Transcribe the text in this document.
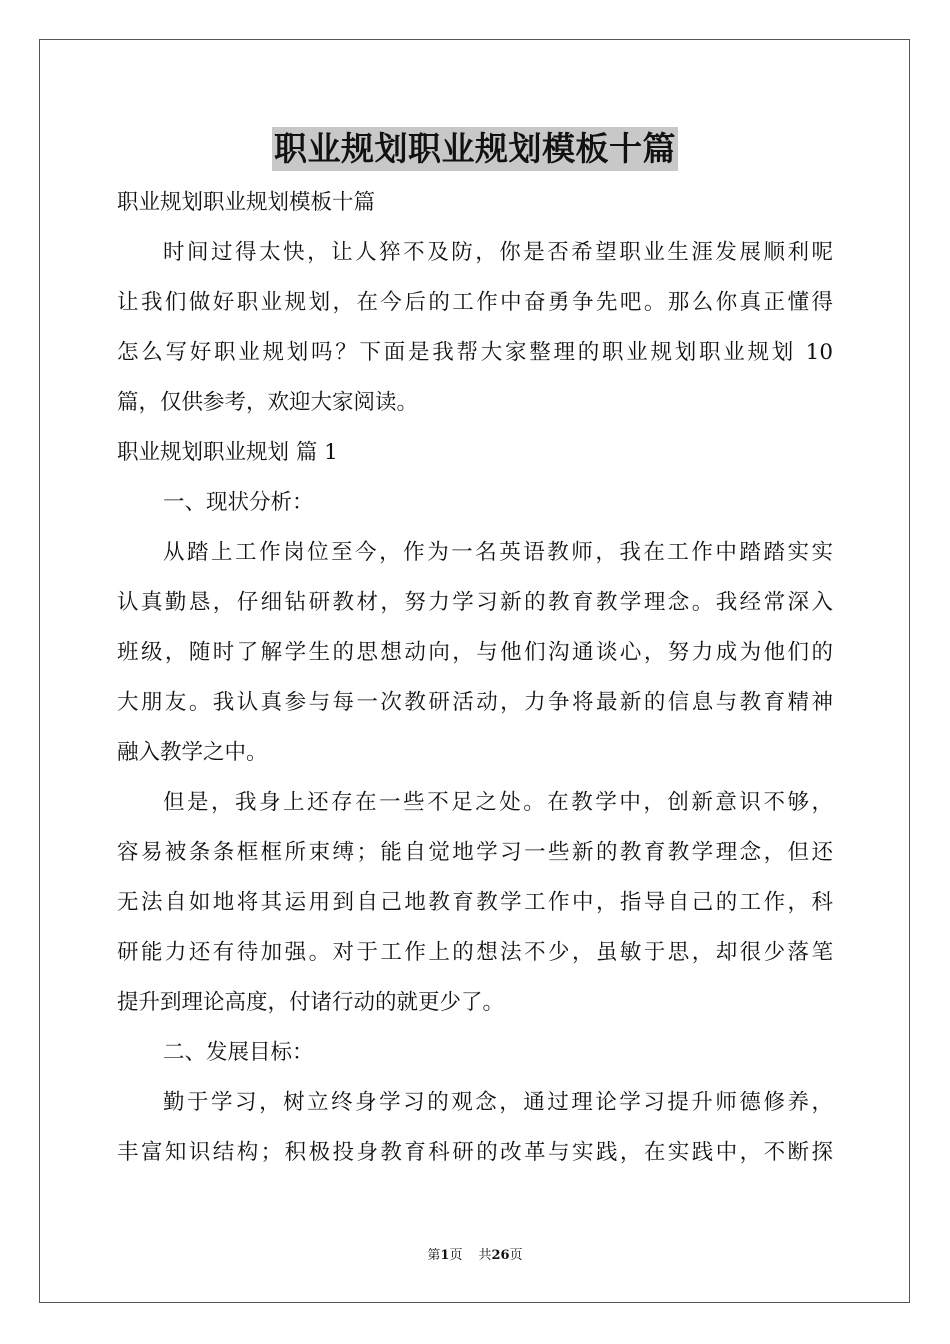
职业规划职业规划模板十篇
职业规划职业规划模板十篇
时间过得太快，让人猝不及防，你是否希望职业生涯发展顺利呢
让我们做好职业规划，在今后的工作中奋勇争先吧。那么你真正懂得
怎么写好职业规划吗？下面是我帮大家整理的职业规划职业规划 10
篇，仅供参考，欢迎大家阅读。
职业规划职业规划 篇 1
一、现状分析：
从踏上工作岗位至今，作为一名英语教师，我在工作中踏踏实实
认真勤恳，仔细钻研教材，努力学习新的教育教学理念。我经常深入
班级，随时了解学生的思想动向，与他们沟通谈心，努力成为他们的
大朋友。我认真参与每一次教研活动，力争将最新的信息与教育精神
融入教学之中。
但是，我身上还存在一些不足之处。在教学中，创新意识不够，
容易被条条框框所束缚；能自觉地学习一些新的教育教学理念，但还
无法自如地将其运用到自己地教育教学工作中，指导自己的工作，科
研能力还有待加强。对于工作上的想法不少，虽敏于思，却很少落笔
提升到理论高度，付诸行动的就更少了。
二、发展目标：
勤于学习，树立终身学习的观念，通过理论学习提升师德修养，
丰富知识结构；积极投身教育科研的改革与实践，在实践中，不断探
第1页 共26页
